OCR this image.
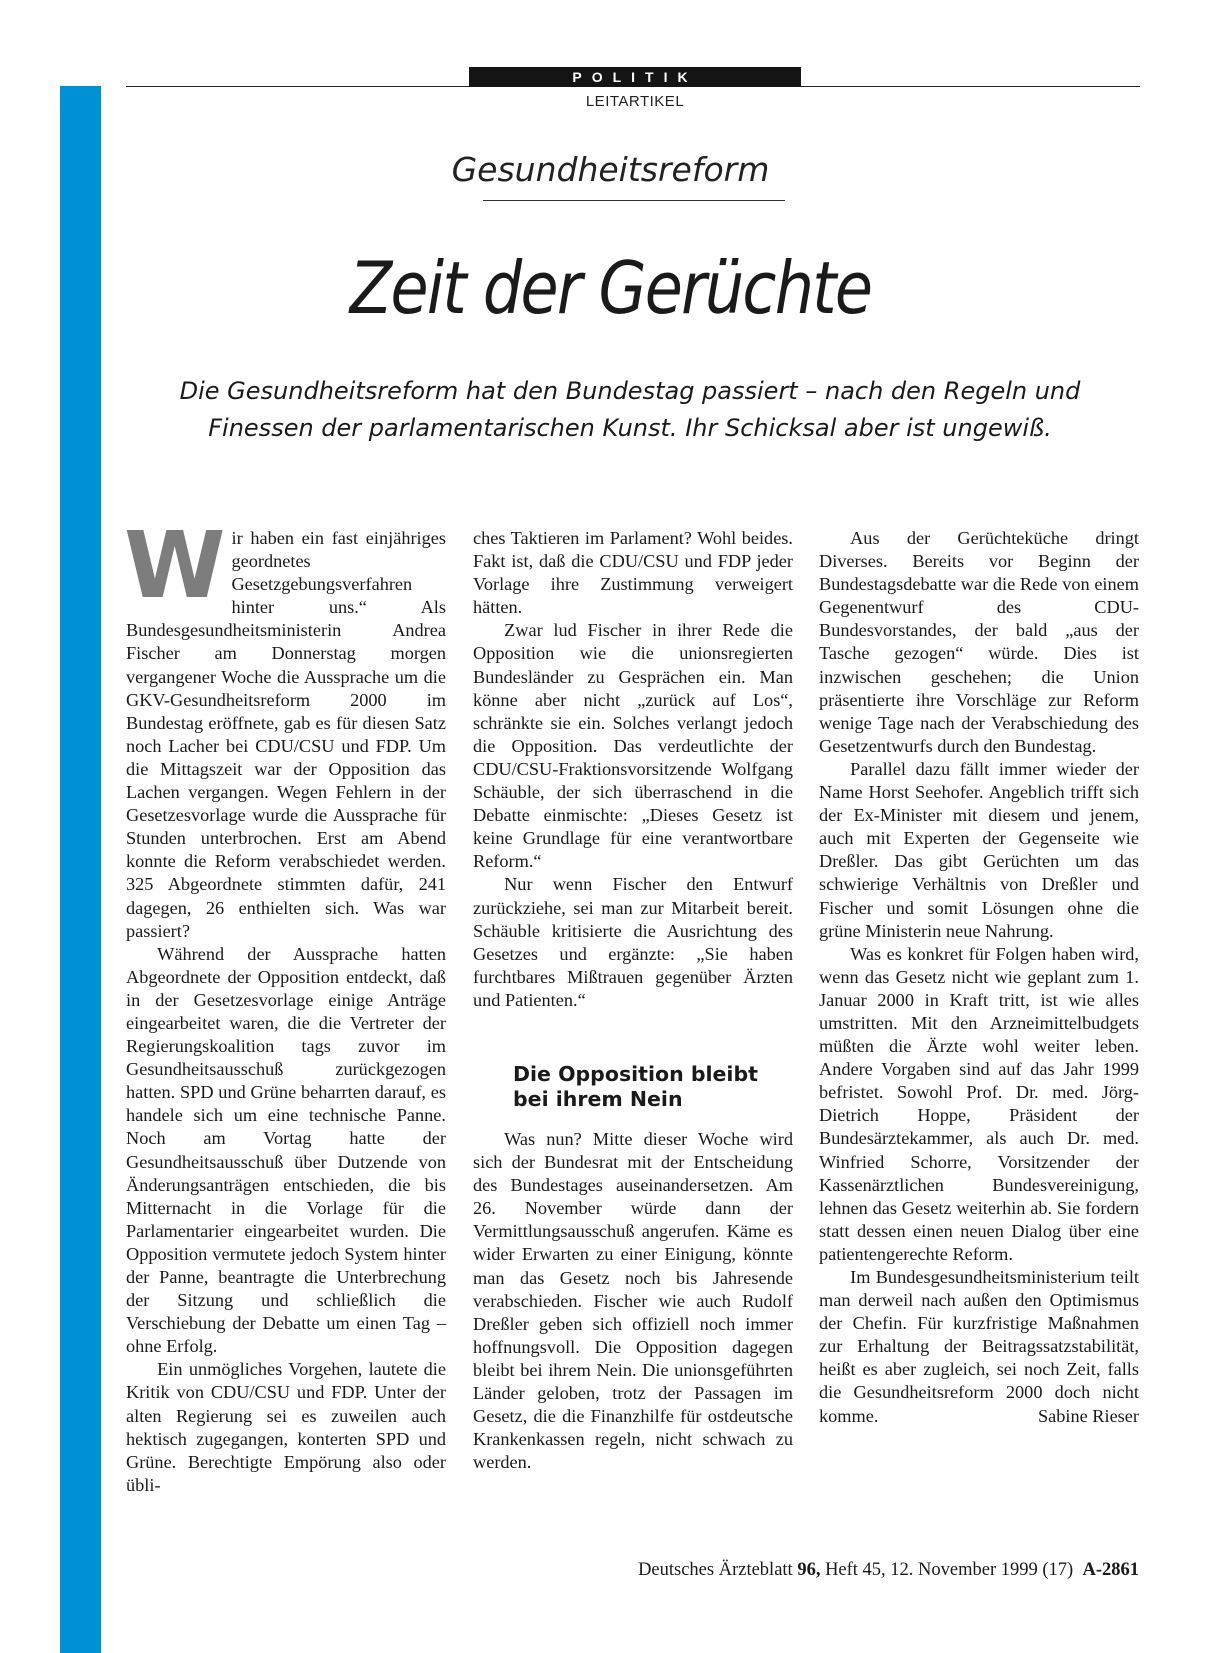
POLITIK
LEITARTIKEL
Gesundheitsreform
Zeit der Gerüchte
Die Gesundheitsreform hat den Bundestag passiert – nach den Regeln und
Finessen der parlamentarischen Kunst. Ihr Schicksal aber ist ungewiß.
W ir haben ein fast einjähriges geordnetes Gesetzgebungsverfahren hinter uns.“ Als Bundesgesundheitsministerin Andrea Fischer am Donnerstag morgen vergangener Woche die Aussprache um die GKV-Gesundheitsreform 2000 im Bundestag eröffnete, gab es für diesen Satz noch Lacher bei CDU/CSU und FDP. Um die Mittagszeit war der Opposition das Lachen vergangen. Wegen Fehlern in der Gesetzesvorlage wurde die Aussprache für Stunden unterbrochen. Erst am Abend konnte die Reform verabschiedet werden. 325 Abgeordnete stimmten dafür, 241 dagegen, 26 enthielten sich. Was war passiert?

Während der Aussprache hatten Abgeordnete der Opposition entdeckt, daß in der Gesetzesvorlage einige Anträge eingearbeitet waren, die die Vertreter der Regierungskoalition tags zuvor im Gesundheitsausschuß zurückgezogen hatten. SPD und Grüne beharrten darauf, es handele sich um eine technische Panne. Noch am Vortag hatte der Gesundheitsausschuß über Dutzende von Änderungsanträgen entschieden, die bis Mitternacht in die Vorlage für die Parlamentarier eingearbeitet wurden. Die Opposition vermutete jedoch System hinter der Panne, beantragte die Unterbrechung der Sitzung und schließlich die Verschiebung der Debatte um einen Tag – ohne Erfolg.

Ein unmögliches Vorgehen, lautete die Kritik von CDU/CSU und FDP. Unter der alten Regierung sei es zuweilen auch hektisch zugegangen, konterten SPD und Grüne. Berechtigte Empörung also oder übli-

ches Taktieren im Parlament? Wohl beides. Fakt ist, daß die CDU/CSU und FDP jeder Vorlage ihre Zustimmung verweigert hätten.

Zwar lud Fischer in ihrer Rede die Opposition wie die unionsregierten Bundesländer zu Gesprächen ein. Man könne aber nicht „zurück auf Los“, schränkte sie ein. Solches verlangt jedoch die Opposition. Das verdeutlichte der CDU/CSU-Fraktionsvorsitzende Wolfgang Schäuble, der sich überraschend in die Debatte einmischte: „Dieses Gesetz ist keine Grundlage für eine verantwortbare Reform.“

Nur wenn Fischer den Entwurf zurückziehe, sei man zur Mitarbeit bereit. Schäuble kritisierte die Ausrichtung des Gesetzes und ergänzte: „Sie haben furchtbares Mißtrauen gegenüber Ärzten und Patienten.“

Die Opposition bleibt
bei ihrem Nein

Was nun? Mitte dieser Woche wird sich der Bundesrat mit der Entscheidung des Bundestages auseinandersetzen. Am 26. November würde dann der Vermittlungsausschuß angerufen. Käme es wider Erwarten zu einer Einigung, könnte man das Gesetz noch bis Jahresende verabschieden. Fischer wie auch Rudolf Dreßler geben sich offiziell noch immer hoffnungsvoll. Die Opposition dagegen bleibt bei ihrem Nein. Die unionsgeführten Länder geloben, trotz der Passagen im Gesetz, die die Finanzhilfe für ostdeutsche Krankenkassen regeln, nicht schwach zu werden.

Aus der Gerüchteküche dringt Diverses. Bereits vor Beginn der Bundestagsdebatte war die Rede von einem Gegenentwurf des CDU-Bundesvorstandes, der bald „aus der Tasche gezogen“ würde. Dies ist inzwischen geschehen; die Union präsentierte ihre Vorschläge zur Reform wenige Tage nach der Verabschiedung des Gesetzentwurfs durch den Bundestag.

Parallel dazu fällt immer wieder der Name Horst Seehofer. Angeblich trifft sich der Ex-Minister mit diesem und jenem, auch mit Experten der Gegenseite wie Dreßler. Das gibt Gerüchten um das schwierige Verhältnis von Dreßler und Fischer und somit Lösungen ohne die grüne Ministerin neue Nahrung.

Was es konkret für Folgen haben wird, wenn das Gesetz nicht wie geplant zum 1. Januar 2000 in Kraft tritt, ist wie alles umstritten. Mit den Arzneimittelbudgets müßten die Ärzte wohl weiter leben. Andere Vorgaben sind auf das Jahr 1999 befristet. Sowohl Prof. Dr. med. Jörg-Dietrich Hoppe, Präsident der Bundesärztekammer, als auch Dr. med. Winfried Schorre, Vorsitzender der Kassenärztlichen Bundesvereinigung, lehnen das Gesetz weiterhin ab. Sie fordern statt dessen einen neuen Dialog über eine patientengerechte Reform.

Im Bundesgesundheitsministerium teilt man derweil nach außen den Optimismus der Chefin. Für kurzfristige Maßnahmen zur Erhaltung der Beitragssatzstabilität, heißt es aber zugleich, sei noch Zeit, falls die Gesundheitsreform 2000 doch nicht komme.	Sabine Rieser

Deutsches Ärzteblatt 96, Heft 45, 12. November 1999 (17) A-2861
